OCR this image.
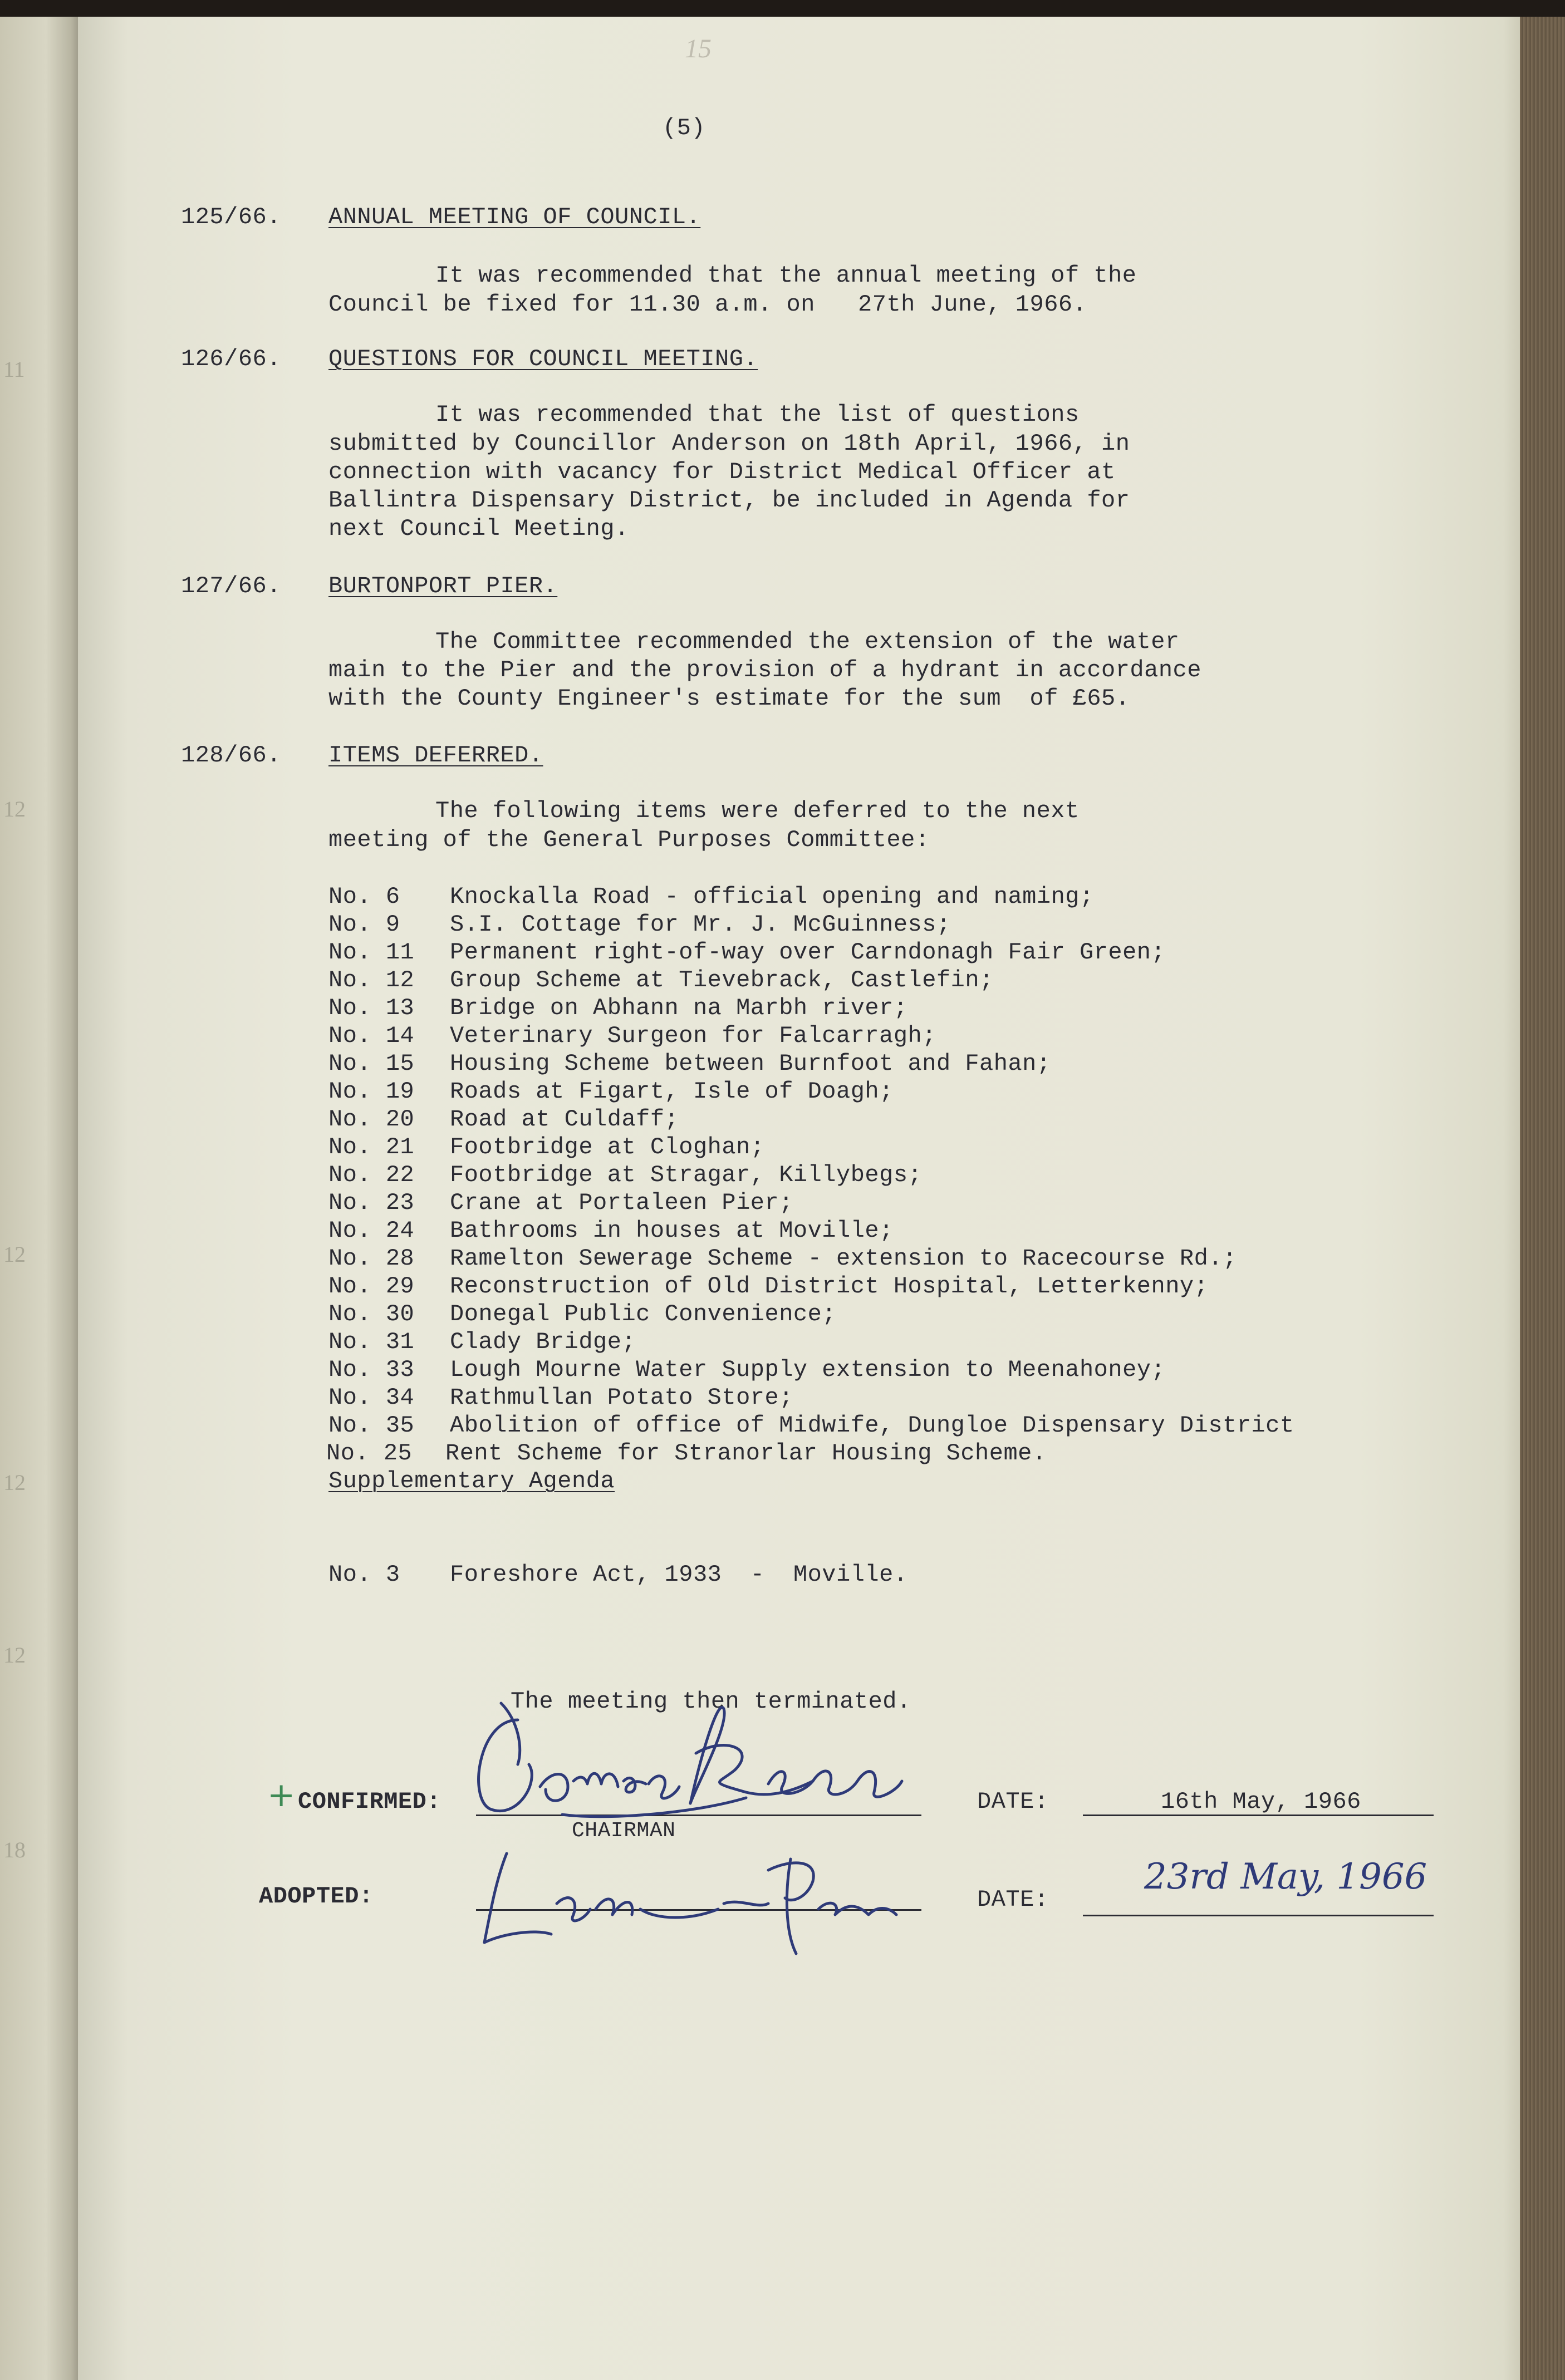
11
12
12
12
12
18
15
(5)
125/66. ANNUAL MEETING OF COUNCIL.
It was recommended that the annual meeting of the
Council be fixed for 11.30 a.m. on   27th June, 1966.
126/66. QUESTIONS FOR COUNCIL MEETING.
It was recommended that the list of questions
submitted by Councillor Anderson on 18th April, 1966, in
connection with vacancy for District Medical Officer at
Ballintra Dispensary District, be included in Agenda for
next Council Meeting.
127/66. BURTONPORT PIER.
The Committee recommended the extension of the water
main to the Pier and the provision of a hydrant in accordance
with the County Engineer's estimate for the sum  of £65.
128/66. ITEMS DEFERRED.
The following items were deferred to the next
meeting of the General Purposes Committee:
No. 6 Knockalla Road - official opening and naming;
No. 9 S.I. Cottage for Mr. J. McGuinness;
No. 11 Permanent right-of-way over Carndonagh Fair Green;
No. 12 Group Scheme at Tievebrack, Castlefin;
No. 13 Bridge on Abhann na Marbh river;
No. 14 Veterinary Surgeon for Falcarragh;
No. 15 Housing Scheme between Burnfoot and Fahan;
No. 19 Roads at Figart, Isle of Doagh;
No. 20 Road at Culdaff;
No. 21 Footbridge at Cloghan;
No. 22 Footbridge at Stragar, Killybegs;
No. 23 Crane at Portaleen Pier;
No. 24 Bathrooms in houses at Moville;
No. 28 Ramelton Sewerage Scheme - extension to Racecourse Rd.;
No. 29 Reconstruction of Old District Hospital, Letterkenny;
No. 30 Donegal Public Convenience;
No. 31 Clady Bridge;
No. 33 Lough Mourne Water Supply extension to Meenahoney;
No. 34 Rathmullan Potato Store;
No. 35 Abolition of office of Midwife, Dungloe Dispensary District
No. 25 Rent Scheme for Stranorlar Housing Scheme.
Supplementary Agenda
No. 3 Foreshore Act, 1933  -  Moville.
The meeting then terminated.
+ CONFIRMED:
CHAIRMAN
DATE:	16th May, 1966
ADOPTED:	DATE:
23rd May, 1966
